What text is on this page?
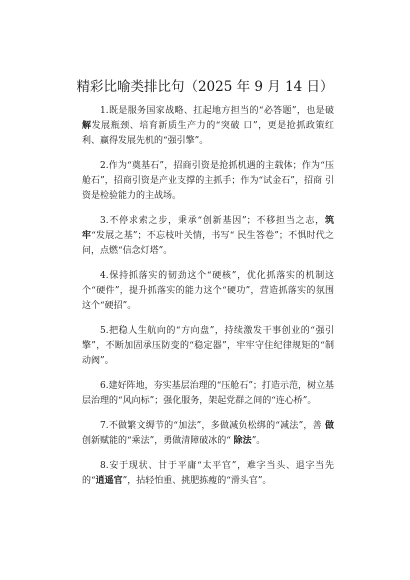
精彩比喻类排比句（2025 年 9 月 14 日）

1.既是服务国家战略、扛起地方担当的“必答题”，也是破 解发展瓶颈、培育新质生产力的“突破 口”，更是抢抓政策红利、赢得发展先机的“强引擎”。

2.作为“奠基石”，招商引资是抢抓机遇的主载体；作为“压 舱石”，招商引资是产业支撑的主抓手；作为“试金石”，招商 引资是检验能力的主战场。

3.不停求索之步，秉承“创新基因”；不移担当之志，筑牢“发展之基”；不忘枝叶关情，书写“ 民生答卷”；不惧时代之问，点燃“信念灯塔”。

4.保持抓落实的韧劲这个“硬核”，优化抓落实的机制这个“硬件”，提升抓落实的能力这个“硬功”，营造抓落实的氛围 这个“硬招”。

5.把稳人生航向的“方向盘”，持续激发干事创业的“强引擎”，不断加固承压防变的“稳定器”，牢牢守住纪律规矩的“制 动阀”。

6.建好阵地，夯实基层治理的“压舱石”；打造示范，树立基层治理的“风向标”；强化服务，架起党群之间的“连心桥”。

7.不做繁文缛节的“加法”，多做减负松绑的“减法”，善 做创新赋能的“乘法”，勇做清障破冰的“ 除法”。

8.安于现状、甘于平庸“太平官”，难字当头、退字当先的“逍遥官”，拈轻怕重、挑肥拣瘦的“滑头官”。
